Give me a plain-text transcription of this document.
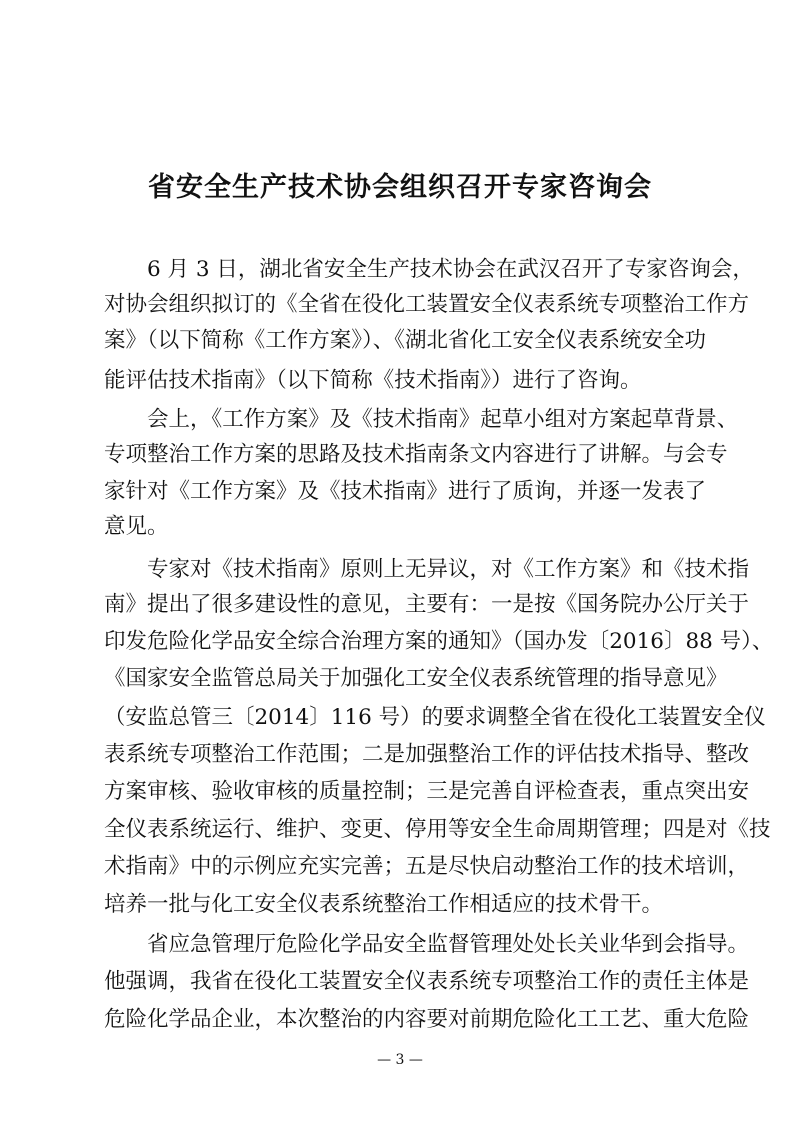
省安全生产技术协会组织召开专家咨询会

　　6 月 3 日，湖北省安全生产技术协会在武汉召开了专家咨询会，

对协会组织拟订的《全省在役化工装置安全仪表系统专项整治工作方

案》（以下简称《工作方案》）、《湖北省化工安全仪表系统安全功

能评估技术指南》（以下简称《技术指南》）进行了咨询。

　　会上，《工作方案》及《技术指南》起草小组对方案起草背景、

专项整治工作方案的思路及技术指南条文内容进行了讲解。与会专

家针对《工作方案》及《技术指南》进行了质询，并逐一发表了

意见。

　　专家对《技术指南》原则上无异议，对《工作方案》和《技术指

南》提出了很多建设性的意见，主要有：一是按《国务院办公厅关于

印发危险化学品安全综合治理方案的通知》（国办发〔2016〕88 号）、

《国家安全监管总局关于加强化工安全仪表系统管理的指导意见》

（安监总管三〔2014〕116 号）的要求调整全省在役化工装置安全仪

表系统专项整治工作范围；二是加强整治工作的评估技术指导、整改

方案审核、验收审核的质量控制；三是完善自评检查表，重点突出安

全仪表系统运行、维护、变更、停用等安全生命周期管理；四是对《技

术指南》中的示例应充实完善；五是尽快启动整治工作的技术培训，

培养一批与化工安全仪表系统整治工作相适应的技术骨干。

　　省应急管理厅危险化学品安全监督管理处处长关业华到会指导。

他强调，我省在役化工装置安全仪表系统专项整治工作的责任主体是

危险化学品企业，本次整治的内容要对前期危险化工工艺、重大危险

— 3 —
